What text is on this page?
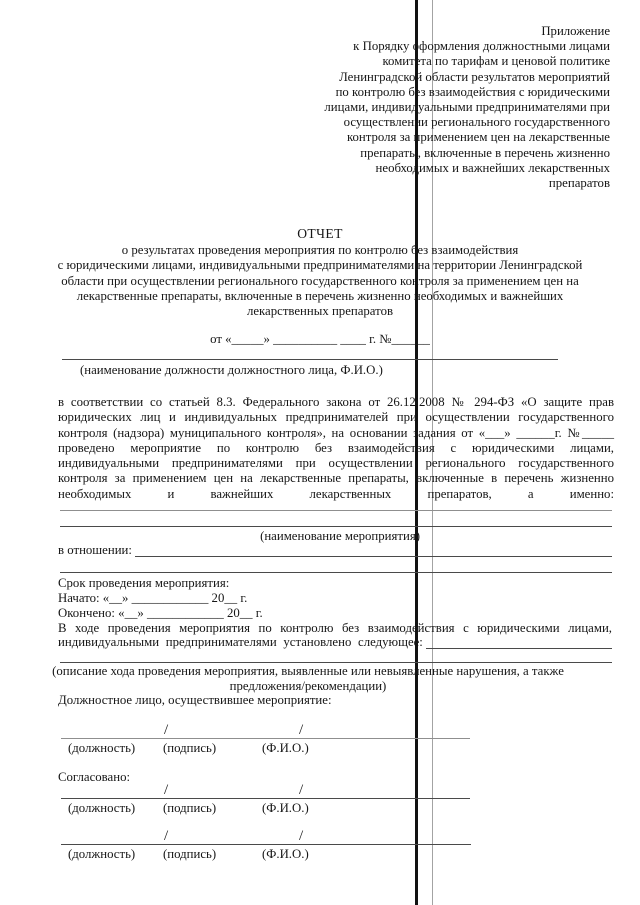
Приложение
к Порядку оформления должностными лицами
комитета по тарифам и ценовой политике
Ленинградской области результатов мероприятий
по контролю без взаимодействия с юридическими
лицами, индивидуальными предпринимателями при
осуществлении регионального государственного
контроля за применением цен на лекарственные
препараты, включенные в перечень жизненно
необходимых и важнейших лекарственных
препаратов
ОТЧЕТ
о результатах проведения мероприятия по контролю без взаимодействия
с юридическими лицами, индивидуальными предпринимателями на территории Ленинградской
области при осуществлении регионального государственного контроля за применением цен на
лекарственные препараты, включенные в перечень жизненно необходимых и важнейших
лекарственных препаратов
от «_____» __________ ____ г. №______
(наименование должности должностного лица, Ф.И.О.)
в соответствии со статьей 8.3. Федерального закона от 26.12.2008 № 294-ФЗ «О защите прав
юридических лиц и индивидуальных предпринимателей при осуществлении государственного
контроля (надзора) муниципального контроля», на основании задания от «___» ______г. №_____
проведено мероприятие по контролю без взаимодействия с юридическими лицами,
индивидуальными предпринимателями при осуществлении регионального государственного
контроля за применением цен на лекарственные препараты, включенные в перечень жизненно
необходимых и важнейших лекарственных препаратов, а именно:
(наименование мероприятия)
в отношении:
Срок проведения мероприятия:
Начато: «__» ____________ 20__ г.
Окончено: «__» ____________ 20__ г.
В ходе проведения мероприятия по контролю без взаимодействия с юридическими лицами,
индивидуальными предпринимателями установлено следующее:
(описание хода проведения мероприятия, выявленные или невыявленные нарушения, а также
предложения/рекомендации)
Должностное лицо, осуществившее мероприятие:
/	/
(должность) (подпись)	(Ф.И.О.)
Согласовано:
/	/
(должность) (подпись)	(Ф.И.О.)
/	/
(должность) (подпись)	(Ф.И.О.)
